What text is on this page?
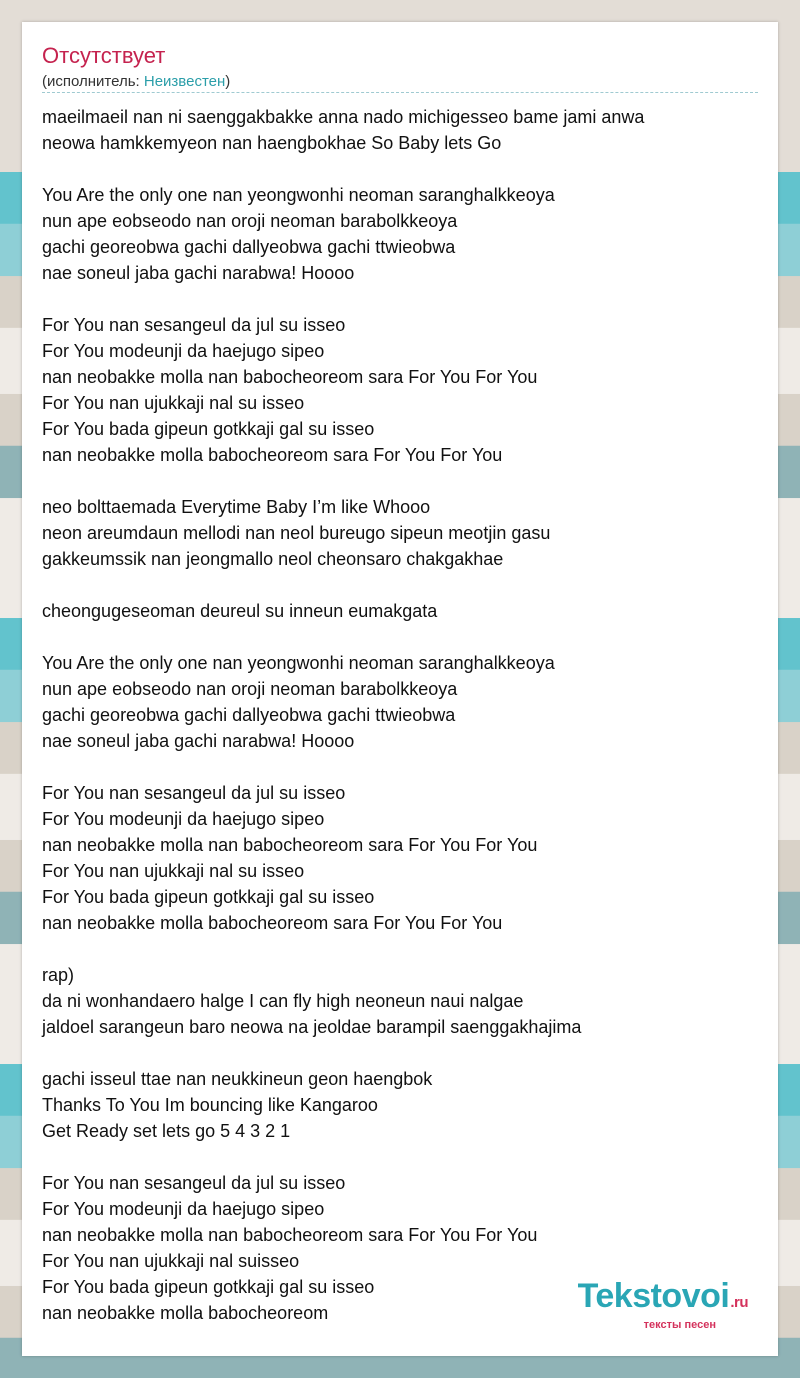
Отсутствует
(исполнитель: Неизвестен)

maeilmaeil nan ni saenggakbakke anna nado michigesseo bame jami anwa
neowa hamkkemyeon nan haengbokhae So Baby lets Go

You Are the only one nan yeongwonhi neoman saranghalkkeoya
nun ape eobseodo nan oroji neoman barabolkkeoya
gachi georeobwa gachi dallyeobwa gachi ttwieobwa
nae soneul jaba gachi narabwa! Hoooo

For You nan sesangeul da jul su isseo
For You modeunji da haejugo sipeo
nan neobakke molla nan babocheoreom sara For You For You
For You nan ujukkaji nal su isseo
For You bada gipeun gotkkaji gal su isseo
nan neobakke molla babocheoreom sara For You For You

neo bolttaemada Everytime Baby I’m like Whooo
neon areumdaun mellodi nan neol bureugo sipeun meotjin gasu
gakkeumssik nan jeongmallo neol cheonsaro chakgakhae

cheongugeseoman deureul su inneun eumakgata

You Are the only one nan yeongwonhi neoman saranghalkkeoya
nun ape eobseodo nan oroji neoman barabolkkeoya
gachi georeobwa gachi dallyeobwa gachi ttwieobwa
nae soneul jaba gachi narabwa! Hoooo

For You nan sesangeul da jul su isseo
For You modeunji da haejugo sipeo
nan neobakke molla nan babocheoreom sara For You For You
For You nan ujukkaji nal su isseo
For You bada gipeun gotkkaji gal su isseo
nan neobakke molla babocheoreom sara For You For You

rap)
da ni wonhandaero halge I can fly high neoneun naui nalgae
jaldoel sarangeun baro neowa na jeoldae barampil saenggakhajima

gachi isseul ttae nan neukkineun geon haengbok
Thanks To You Im bouncing like Kangaroo
Get Ready set lets go 5 4 3 2 1

For You nan sesangeul da jul su isseo
For You modeunji da haejugo sipeo
nan neobakke molla nan babocheoreom sara For You For You
For You nan ujukkaji nal suisseo
For You bada gipeun gotkkaji gal su isseo
nan neobakke molla babocheoreom	Tekstovoi.ru
тексты песен
